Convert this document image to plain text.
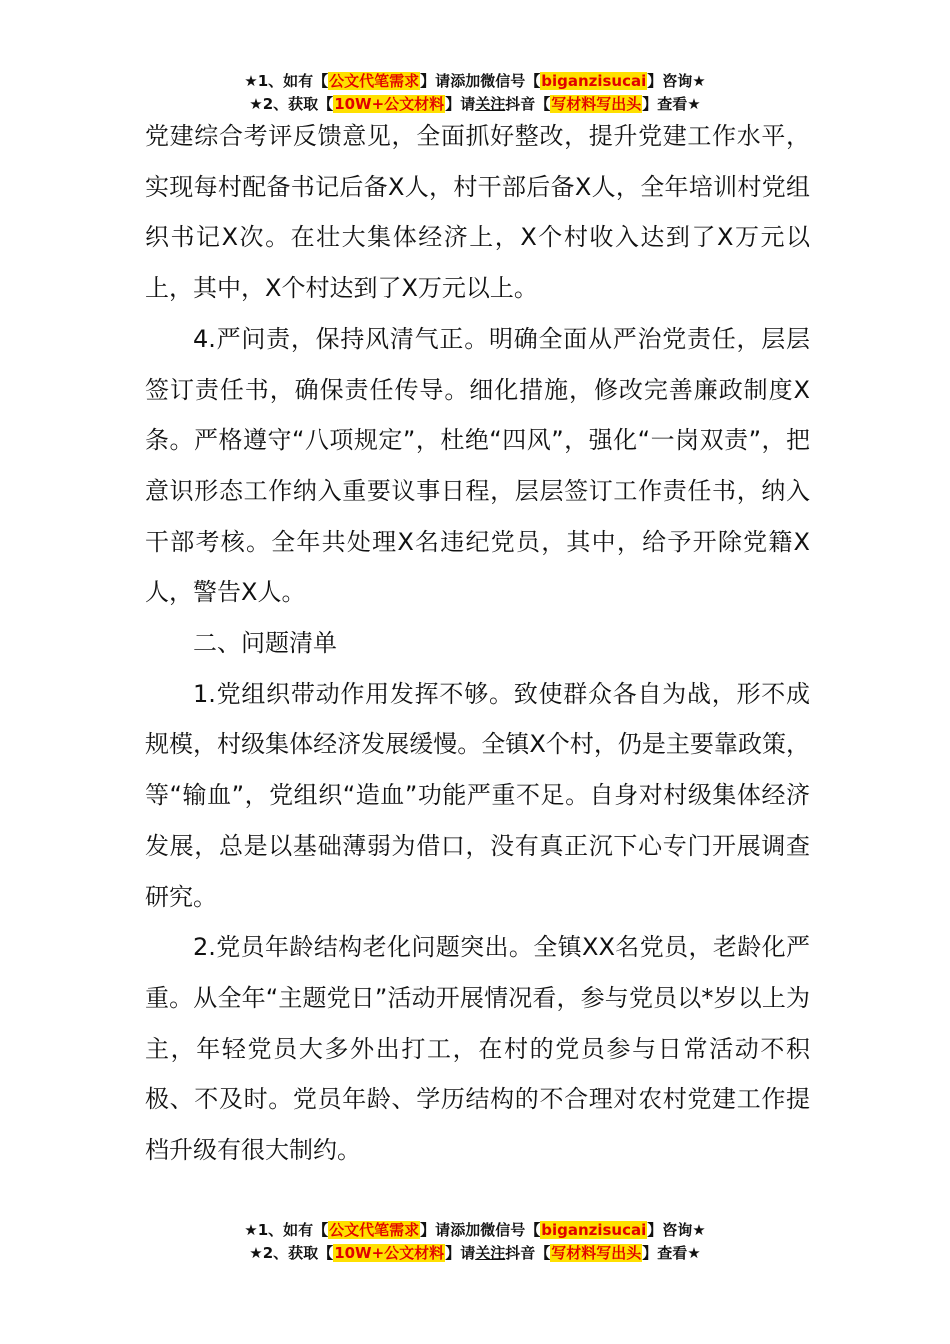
★1、如有【公文代笔需求】请添加微信号【biganzisucai】咨询★
★2、获取【10W+公文材料】请关注抖音【写材料写出头】查看★

党建综合考评反馈意见，全面抓好整改，提升党建工作水平，实现每村配备书记后备X人，村干部后备X人，全年培训村党组织书记X次。在壮大集体经济上，X个村收入达到了X万元以上，其中，X个村达到了X万元以上。

4.严问责，保持风清气正。明确全面从严治党责任，层层签订责任书，确保责任传导。细化措施，修改完善廉政制度X条。严格遵守“八项规定”，杜绝“四风”，强化“一岗双责”，把意识形态工作纳入重要议事日程，层层签订工作责任书，纳入干部考核。全年共处理X名违纪党员，其中，给予开除党籍X人，警告X人。

二、问题清单

1.党组织带动作用发挥不够。致使群众各自为战，形不成规模，村级集体经济发展缓慢。全镇X个村，仍是主要靠政策，等“输血”，党组织“造血”功能严重不足。自身对村级集体经济发展，总是以基础薄弱为借口，没有真正沉下心专门开展调查研究。

2.党员年龄结构老化问题突出。全镇XX名党员，老龄化严重。从全年“主题党日”活动开展情况看，参与党员以*岁以上为主，年轻党员大多外出打工，在村的党员参与日常活动不积极、不及时。党员年龄、学历结构的不合理对农村党建工作提档升级有很大制约。

★1、如有【公文代笔需求】请添加微信号【biganzisucai】咨询★
★2、获取【10W+公文材料】请关注抖音【写材料写出头】查看★
